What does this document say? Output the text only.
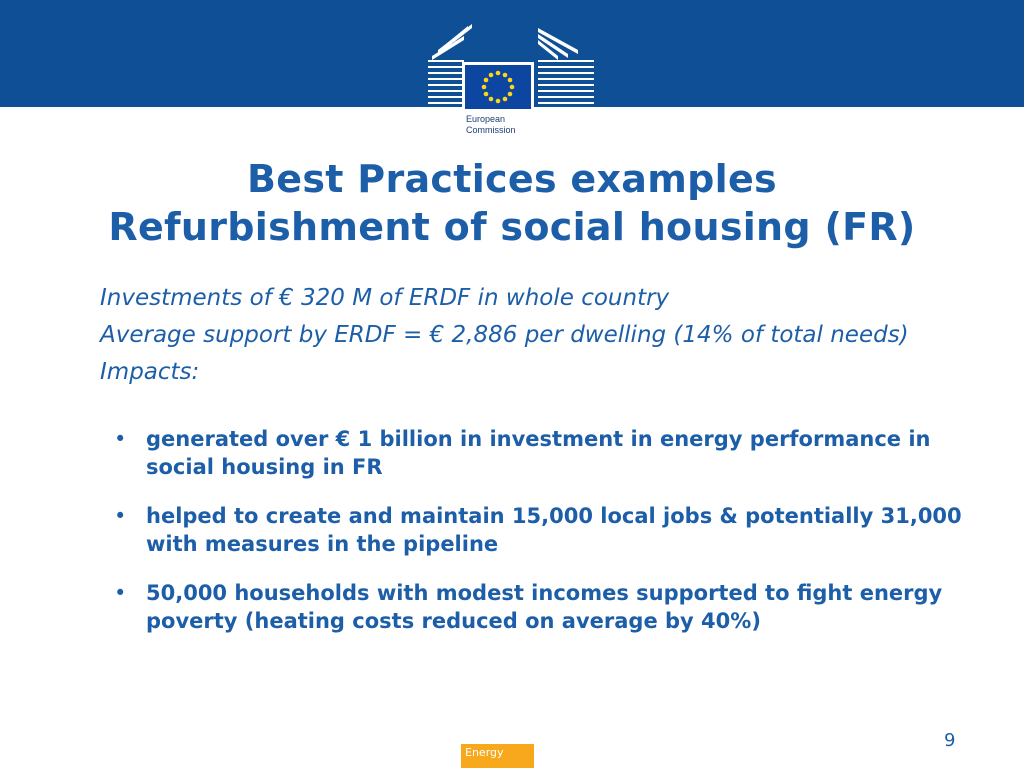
European
Commission
Best Practices examples
Refurbishment of social housing (FR)

Investments of € 320 M of ERDF in whole country

Average support by ERDF = € 2,886 per dwelling (14% of total needs)

Impacts:

• generated over € 1 billion in investment in energy performance in social housing in FR
• helped to create and maintain 15,000 local jobs & potentially 31,000 with measures in the pipeline
• 50,000 households with modest incomes supported to fight energy poverty (heating costs reduced on average by 40%)
Energy
9
